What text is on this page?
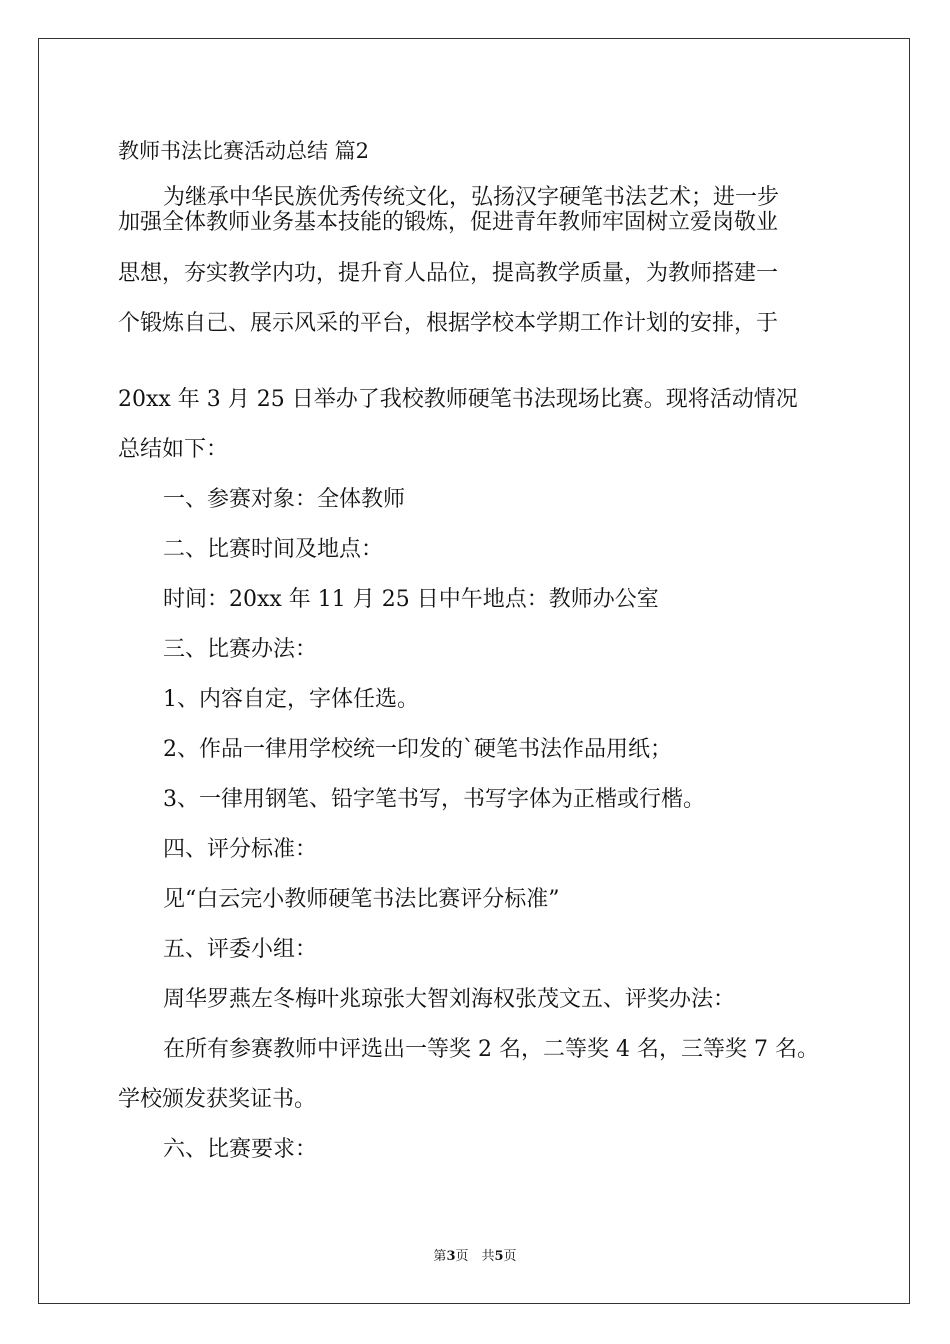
教师书法比赛活动总结 篇2
为继承中华民族优秀传统文化，弘扬汉字硬笔书法艺术；进一步
加强全体教师业务基本技能的锻炼，促进青年教师牢固树立爱岗敬业
思想，夯实教学内功，提升育人品位，提高教学质量，为教师搭建一
个锻炼自己、展示风采的平台，根据学校本学期工作计划的安排，于
20xx 年 3 月 25 日举办了我校教师硬笔书法现场比赛。现将活动情况
总结如下：
一、参赛对象：全体教师
二、比赛时间及地点：
时间：20xx 年 11 月 25 日中午地点：教师办公室
三、比赛办法：
1、内容自定，字体任选。
2、作品一律用学校统一印发的`硬笔书法作品用纸；
3、一律用钢笔、铅字笔书写，书写字体为正楷或行楷。
四、评分标准：
见“白云完小教师硬笔书法比赛评分标准”
五、评委小组：
周华罗燕左冬梅叶兆琼张大智刘海权张茂文五、评奖办法：
在所有参赛教师中评选出一等奖 2 名，二等奖 4 名，三等奖 7 名。
学校颁发获奖证书。
六、比赛要求：
第3页　共5页
